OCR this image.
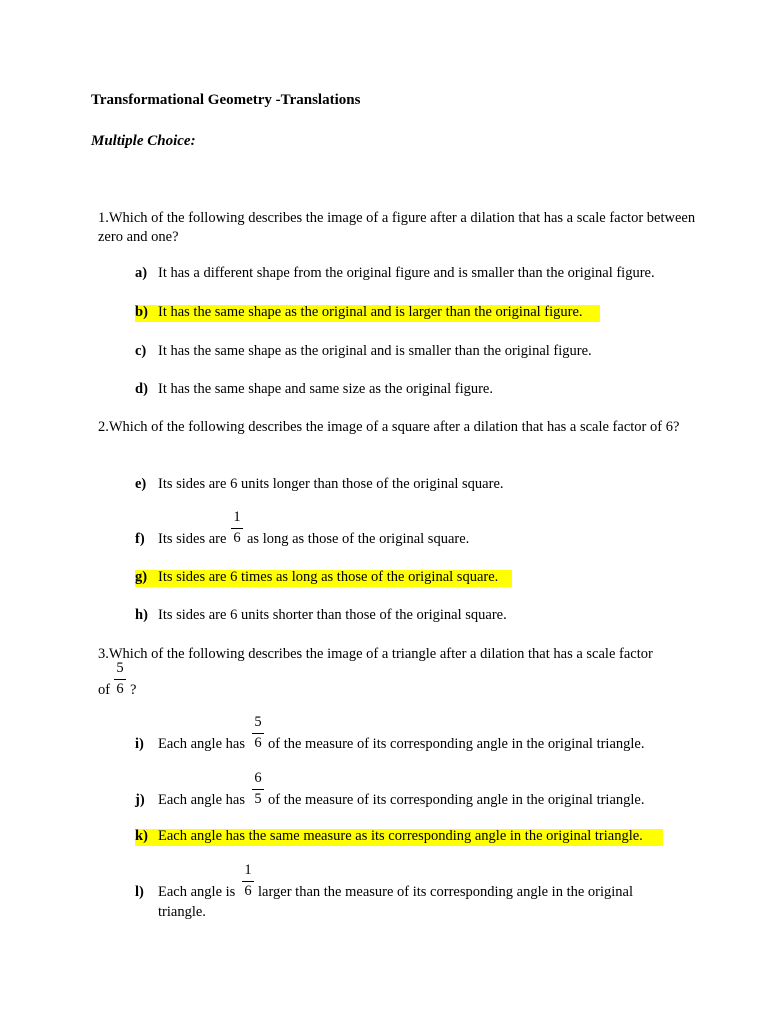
Transformational Geometry -Translations
Multiple Choice:
1.Which of the following describes the image of a figure after a dilation that has a scale factor between zero and one?
a) It has a different shape from the original figure and is smaller than the original figure.
b) It has the same shape as the original and is larger than the original figure.
c) It has the same shape as the original and is smaller than the original figure.
d) It has the same shape and same size as the original figure.
2.Which of the following describes the image of a square after a dilation that has a scale factor of 6?
e) Its sides are 6 units longer than those of the original square.
f) Its sides are $\frac{1}{6}$ as long as those of the original square.
g) Its sides are 6 times as long as those of the original square.
h) Its sides are 6 units shorter than those of the original square.
3.Which of the following describes the image of a triangle after a dilation that has a scale factor
of $\frac{5}{6}$ ?
i) Each angle has $\frac{5}{6}$ of the measure of its corresponding angle in the original triangle.
j) Each angle has $\frac{6}{5}$ of the measure of its corresponding angle in the original triangle.
k) Each angle has the same measure as its corresponding angle in the original triangle.
l) Each angle is $\frac{1}{6}$ larger than the measure of its corresponding angle in the original
triangle.
